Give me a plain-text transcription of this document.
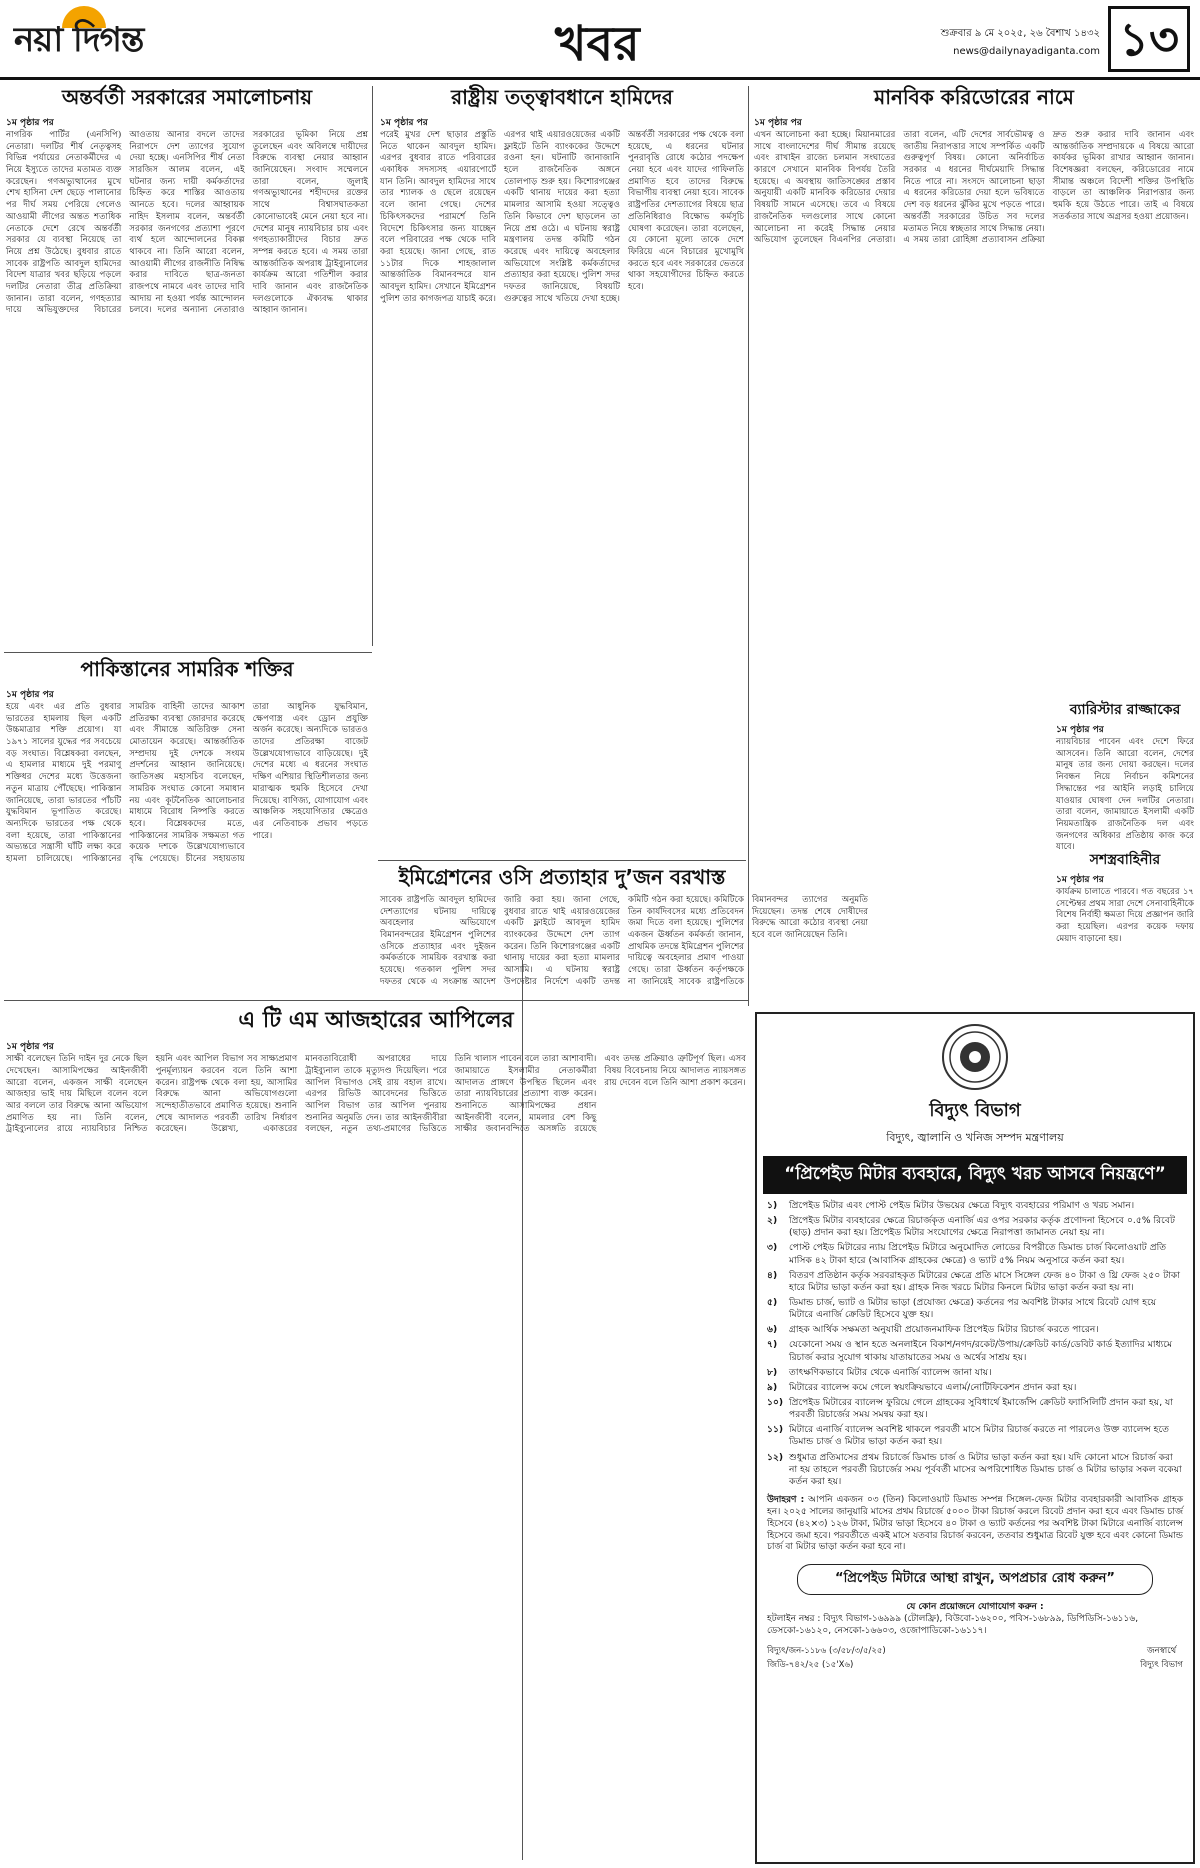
নয়া দিগন্ত	খবর	শুক্রবার ৯ মে ২০২৫, ২৬ বৈশাখ ১৪৩২
news@dailynayadiganta.com ১৩
অন্তর্বর্তী সরকারের সমালোচনায়
১ম পৃষ্ঠার পর
নাগরিক পার্টির (এনসিপি) নেতারা। দলটির শীর্ষ নেতৃত্বসহ বিভিন্ন পর্যায়ের নেতাকর্মীদের এ নিয়ে ইস্যুতে তাদের মতামত ব্যক্ত করেছেন। গণঅভ্যুত্থানের মুখে শেখ হাসিনা দেশ ছেড়ে পালানোর পর দীর্ঘ সময় পেরিয়ে গেলেও আওয়ামী লীগের অন্তত শতাধিক নেতাকে দেশে রেখে অন্তর্বর্তী সরকার যে ব্যবস্থা নিয়েছে তা নিয়ে প্রশ্ন উঠেছে। বুধবার রাতে সাবেক রাষ্ট্রপতি আবদুল হামিদের বিদেশ যাত্রার খবর ছড়িয়ে পড়লে দলটির নেতারা তীব্র প্রতিক্রিয়া জানান। তারা বলেন, গণহত্যার দায়ে অভিযুক্তদের বিচারের আওতায় আনার বদলে তাদের নিরাপদে দেশ ত্যাগের সুযোগ দেয়া হচ্ছে। এনসিপির শীর্ষ নেতা সারজিস আলম বলেন, এই ঘটনার জন্য দায়ী কর্মকর্তাদের চিহ্নিত করে শাস্তির আওতায় আনতে হবে। দলের আহ্বায়ক নাহিদ ইসলাম বলেন, অন্তর্বর্তী সরকার জনগণের প্রত্যাশা পূরণে ব্যর্থ হলে আন্দোলনের বিকল্প থাকবে না। তিনি আরো বলেন, আওয়ামী লীগের রাজনীতি নিষিদ্ধ করার দাবিতে ছাত্র-জনতা রাজপথে নামবে এবং তাদের দাবি আদায় না হওয়া পর্যন্ত আন্দোলন চলবে। দলের অন্যান্য নেতারাও সরকারের ভূমিকা নিয়ে প্রশ্ন তুলেছেন এবং অবিলম্বে দায়ীদের বিরুদ্ধে ব্যবস্থা নেয়ার আহ্বান জানিয়েছেন। সংবাদ সম্মেলনে তারা বলেন, জুলাই গণঅভ্যুত্থানের শহীদদের রক্তের সাথে বিশ্বাসঘাতকতা কোনোভাবেই মেনে নেয়া হবে না। দেশের মানুষ ন্যায়বিচার চায় এবং গণহত্যাকারীদের বিচার দ্রুত সম্পন্ন করতে হবে। এ সময় তারা আন্তর্জাতিক অপরাধ ট্রাইব্যুনালের কার্যক্রম আরো গতিশীল করার দাবি জানান এবং রাজনৈতিক দলগুলোকে ঐক্যবদ্ধ থাকার আহ্বান জানান।
রাষ্ট্রীয় তত্ত্বাবধানে হামিদের
১ম পৃষ্ঠার পর
পরেই মুখর দেশ ছাড়ার প্রস্তুতি নিতে থাকেন আবদুল হামিদ। এরপর বুধবার রাতে পরিবারের একাধিক সদস্যসহ এয়ারপোর্টে যান তিনি। আবদুল হামিদের সাথে তার শ্যালক ও ছেলে রয়েছেন বলে জানা গেছে। দেশের চিকিৎসকদের পরামর্শে তিনি বিদেশে চিকিৎসার জন্য যাচ্ছেন বলে পরিবারের পক্ষ থেকে দাবি করা হয়েছে। জানা গেছে, রাত ১১টার দিকে শাহজালাল আন্তর্জাতিক বিমানবন্দরে যান আবদুল হামিদ। সেখানে ইমিগ্রেশন পুলিশ তার কাগজপত্র যাচাই করে। এরপর থাই এয়ারওয়েজের একটি ফ্লাইটে তিনি ব্যাংককের উদ্দেশে রওনা হন। ঘটনাটি জানাজানি হলে রাজনৈতিক অঙ্গনে তোলপাড় শুরু হয়। কিশোরগঞ্জের একটি থানায় দায়ের করা হত্যা মামলার আসামি হওয়া সত্ত্বেও তিনি কিভাবে দেশ ছাড়লেন তা নিয়ে প্রশ্ন ওঠে। এ ঘটনায় স্বরাষ্ট্র মন্ত্রণালয় তদন্ত কমিটি গঠন করেছে এবং দায়িত্বে অবহেলার অভিযোগে সংশ্লিষ্ট কর্মকর্তাদের প্রত্যাহার করা হয়েছে। পুলিশ সদর দফতর জানিয়েছে, বিষয়টি গুরুত্বের সাথে খতিয়ে দেখা হচ্ছে। অন্তর্বর্তী সরকারের পক্ষ থেকে বলা হয়েছে, এ ধরনের ঘটনার পুনরাবৃত্তি রোধে কঠোর পদক্ষেপ নেয়া হবে এবং যাদের গাফিলতি প্রমাণিত হবে তাদের বিরুদ্ধে বিভাগীয় ব্যবস্থা নেয়া হবে। সাবেক রাষ্ট্রপতির দেশত্যাগের বিষয়ে ছাত্র প্রতিনিধিরাও বিক্ষোভ কর্মসূচি ঘোষণা করেছেন। তারা বলেছেন, যে কোনো মূল্যে তাকে দেশে ফিরিয়ে এনে বিচারের মুখোমুখি করতে হবে এবং সরকারের ভেতরে থাকা সহযোগীদের চিহ্নিত করতে হবে।
মানবিক করিডোরের নামে
১ম পৃষ্ঠার পর
এখন আলোচনা করা হচ্ছে। মিয়ানমারের সাথে বাংলাদেশের দীর্ঘ সীমান্ত রয়েছে এবং রাখাইন রাজ্যে চলমান সংঘাতের কারণে সেখানে মানবিক বিপর্যয় তৈরি হয়েছে। এ অবস্থায় জাতিসঙ্ঘের প্রস্তাব অনুযায়ী একটি মানবিক করিডোর দেয়ার বিষয়টি সামনে এসেছে। তবে এ বিষয়ে রাজনৈতিক দলগুলোর সাথে কোনো আলোচনা না করেই সিদ্ধান্ত নেয়ার অভিযোগ তুলেছেন বিএনপির নেতারা। তারা বলেন, এটি দেশের সার্বভৌমত্ব ও জাতীয় নিরাপত্তার সাথে সম্পর্কিত একটি গুরুত্বপূর্ণ বিষয়। কোনো অনির্বাচিত সরকার এ ধরনের দীর্ঘমেয়াদি সিদ্ধান্ত নিতে পারে না। সংসদে আলোচনা ছাড়া এ ধরনের করিডোর দেয়া হলে ভবিষ্যতে দেশ বড় ধরনের ঝুঁকির মুখে পড়তে পারে। অন্তর্বর্তী সরকারের উচিত সব দলের মতামত নিয়ে স্বচ্ছতার সাথে সিদ্ধান্ত নেয়া। এ সময় তারা রোহিঙ্গা প্রত্যাবাসন প্রক্রিয়া দ্রুত শুরু করার দাবি জানান এবং আন্তর্জাতিক সম্প্রদায়কে এ বিষয়ে আরো কার্যকর ভূমিকা রাখার আহ্বান জানান। বিশেষজ্ঞরা বলছেন, করিডোরের নামে সীমান্ত অঞ্চলে বিদেশী শক্তির উপস্থিতি বাড়লে তা আঞ্চলিক নিরাপত্তার জন্য হুমকি হয়ে উঠতে পারে। তাই এ বিষয়ে সতর্কতার সাথে অগ্রসর হওয়া প্রয়োজন।
ব্যারিস্টার রাজ্জাকের
১ম পৃষ্ঠার পর
ন্যায়বিচার পাবেন এবং দেশে ফিরে আসবেন। তিনি আরো বলেন, দেশের মানুষ তার জন্য দোয়া করছেন। দলের নিবন্ধন নিয়ে নির্বাচন কমিশনের সিদ্ধান্তের পর আইনি লড়াই চালিয়ে যাওয়ার ঘোষণা দেন দলটির নেতারা। তারা বলেন, জামায়াতে ইসলামী একটি নিয়মতান্ত্রিক রাজনৈতিক দল এবং জনগণের অধিকার প্রতিষ্ঠায় কাজ করে যাবে।
সশস্ত্রবাহিনীর
১ম পৃষ্ঠার পর
কার্যক্রম চালাতে পারবে। গত বছরের ১৭ সেপ্টেম্বর প্রথম সারা দেশে সেনাবাহিনীকে বিশেষ নির্বাহী ক্ষমতা দিয়ে প্রজ্ঞাপন জারি করা হয়েছিল। এরপর কয়েক দফায় মেয়াদ বাড়ানো হয়।
পাকিস্তানের সামরিক শক্তির
১ম পৃষ্ঠার পর
হয়ে এবং এর প্রতি বুধবার ভারতের হামলায় ছিল একটি উচ্চমাত্রার শক্তি প্রয়োগ। যা ১৯৭১ সালের যুদ্ধের পর সবচেয়ে বড় সংঘাত। বিশ্লেষকরা বলছেন, এ হামলার মাধ্যমে দুই পরমাণু শক্তিধর দেশের মধ্যে উত্তেজনা নতুন মাত্রায় পৌঁছেছে। পাকিস্তান জানিয়েছে, তারা ভারতের পাঁচটি যুদ্ধবিমান ভূপাতিত করেছে। অন্যদিকে ভারতের পক্ষ থেকে বলা হয়েছে, তারা পাকিস্তানের অভ্যন্তরে সন্ত্রাসী ঘাঁটি লক্ষ্য করে হামলা চালিয়েছে। পাকিস্তানের সামরিক বাহিনী তাদের আকাশ প্রতিরক্ষা ব্যবস্থা জোরদার করেছে এবং সীমান্তে অতিরিক্ত সেনা মোতায়েন করেছে। আন্তর্জাতিক সম্প্রদায় দুই দেশকে সংযম প্রদর্শনের আহ্বান জানিয়েছে। জাতিসঙ্ঘ মহাসচিব বলেছেন, সামরিক সংঘাত কোনো সমাধান নয় এবং কূটনৈতিক আলোচনার মাধ্যমে বিরোধ নিষ্পত্তি করতে হবে। বিশ্লেষকদের মতে, পাকিস্তানের সামরিক সক্ষমতা গত কয়েক দশকে উল্লেখযোগ্যভাবে বৃদ্ধি পেয়েছে। চীনের সহায়তায় তারা আধুনিক যুদ্ধবিমান, ক্ষেপণাস্ত্র এবং ড্রোন প্রযুক্তি অর্জন করেছে। অন্যদিকে ভারতও তাদের প্রতিরক্ষা বাজেট উল্লেখযোগ্যভাবে বাড়িয়েছে। দুই দেশের মধ্যে এ ধরনের সংঘাত দক্ষিণ এশিয়ার স্থিতিশীলতার জন্য মারাত্মক হুমকি হিসেবে দেখা দিয়েছে। বাণিজ্য, যোগাযোগ এবং আঞ্চলিক সহযোগিতার ক্ষেত্রেও এর নেতিবাচক প্রভাব পড়তে পারে।
ইমিগ্রেশনের ওসি প্রত্যাহার দু’জন বরখাস্ত
সাবেক রাষ্ট্রপতি আবদুল হামিদের দেশত্যাগের ঘটনায় দায়িত্বে অবহেলার অভিযোগে বিমানবন্দরের ইমিগ্রেশন পুলিশের ওসিকে প্রত্যাহার এবং দুইজন কর্মকর্তাকে সাময়িক বরখাস্ত করা হয়েছে। গতকাল পুলিশ সদর দফতর থেকে এ সংক্রান্ত আদেশ জারি করা হয়। জানা গেছে, বুধবার রাতে থাই এয়ারওয়েজের একটি ফ্লাইটে আবদুল হামিদ ব্যাংককের উদ্দেশে দেশ ত্যাগ করেন। তিনি কিশোরগঞ্জের একটি থানায় দায়ের করা হত্যা মামলার আসামি। এ ঘটনায় স্বরাষ্ট্র উপদেষ্টার নির্দেশে একটি তদন্ত কমিটি গঠন করা হয়েছে। কমিটিকে তিন কার্যদিবসের মধ্যে প্রতিবেদন জমা দিতে বলা হয়েছে। পুলিশের একজন ঊর্ধ্বতন কর্মকর্তা জানান, প্রাথমিক তদন্তে ইমিগ্রেশন পুলিশের দায়িত্বে অবহেলার প্রমাণ পাওয়া গেছে। তারা ঊর্ধ্বতন কর্তৃপক্ষকে না জানিয়েই সাবেক রাষ্ট্রপতিকে বিমানবন্দর ত্যাগের অনুমতি দিয়েছেন। তদন্ত শেষে দোষীদের বিরুদ্ধে আরো কঠোর ব্যবস্থা নেয়া হবে বলে জানিয়েছেন তিনি।
এ টি এম আজহারের আপিলের
১ম পৃষ্ঠার পর
সাক্ষী বলেছেন তিনি দাইন দুর নেকে ছিল দেখেছেন। আসামিপক্ষের আইনজীবী আরো বলেন, একজন সাক্ষী বলেছেন আজহার ভাই দায় মিছিলে বলেন বলে আর বললে তার বিরুদ্ধে আনা অভিযোগ প্রমাণিত হয় না। তিনি বলেন, ট্রাইব্যুনালের রায়ে ন্যায়বিচার নিশ্চিত হয়নি এবং আপিল বিভাগ সব সাক্ষ্যপ্রমাণ পুনর্মূল্যায়ন করবেন বলে তিনি আশা করেন। রাষ্ট্রপক্ষ থেকে বলা হয়, আসামির বিরুদ্ধে আনা অভিযোগগুলো সন্দেহাতীতভাবে প্রমাণিত হয়েছে। শুনানি শেষে আদালত পরবর্তী তারিখ নির্ধারণ করেছেন। উল্লেখ্য, একাত্তরের মানবতাবিরোধী অপরাধের দায়ে ট্রাইব্যুনাল তাকে মৃত্যুদণ্ড দিয়েছিল। পরে আপিল বিভাগও সেই রায় বহাল রাখে। এরপর রিভিউ আবেদনের ভিত্তিতে আপিল বিভাগ তার আপিল পুনরায় শুনানির অনুমতি দেন। তার আইনজীবীরা বলছেন, নতুন তথ্য-প্রমাণের ভিত্তিতে তিনি খালাস পাবেন বলে তারা আশাবাদী। জামায়াতে ইসলামীর নেতাকর্মীরা আদালত প্রাঙ্গণে উপস্থিত ছিলেন এবং তারা ন্যায়বিচারের প্রত্যাশা ব্যক্ত করেন। শুনানিতে আসামিপক্ষের প্রধান আইনজীবী বলেন, মামলার বেশ কিছু সাক্ষীর জবানবন্দিতে অসঙ্গতি রয়েছে এবং তদন্ত প্রক্রিয়াও ত্রুটিপূর্ণ ছিল। এসব বিষয় বিবেচনায় নিয়ে আদালত ন্যায়সঙ্গত রায় দেবেন বলে তিনি আশা প্রকাশ করেন।
বিদ্যুৎ বিভাগ
বিদ্যুৎ, জ্বালানি ও খনিজ সম্পদ মন্ত্রণালয়
“প্রিপেইড মিটার ব্যবহারে, বিদ্যুৎ খরচ আসবে নিয়ন্ত্রণে”
১)	প্রিপেইড মিটার এবং পোস্ট পেইড মিটার উভয়ের ক্ষেত্রে বিদ্যুৎ ব্যবহারের পরিমাণ ও খরচ সমান।
২)	প্রিপেইড মিটার ব্যবহারের ক্ষেত্রে রিচার্জকৃত এনার্জি এর ওপর সরকার কর্তৃক প্রণোদনা হিসেবে ০.৫% রিবেট (ছাড়) প্রদান করা হয়। প্রিপেইড মিটার সংযোগের ক্ষেত্রে নিরাপত্তা জামানত নেয়া হয় না।
৩)	পোস্ট পেইড মিটারের ন্যায় প্রিপেইড মিটারে অনুমোদিত লোডের বিপরীতে ডিমান্ড চার্জ কিলোওয়াট প্রতি মাসিক ৪২ টাকা হারে (আবাসিক গ্রাহকের ক্ষেত্রে) ও ভ্যাট ৫% নিয়ম অনুসারে কর্তন করা হয়।
৪)	বিতরণ প্রতিষ্ঠান কর্তৃক সরবরাহকৃত মিটারের ক্ষেত্রে প্রতি মাসে সিঙ্গেল ফেজ ৪০ টাকা ও থ্রি ফেজ ২৫০ টাকা হারে মিটার ভাড়া কর্তন করা হয়। গ্রাহক নিজ খরচে মিটার কিনলে মিটার ভাড়া কর্তন করা হয় না।
৫)	ডিমান্ড চার্জ, ভ্যাট ও মিটার ভাড়া (প্রযোজ্য ক্ষেত্রে) কর্তনের পর অবশিষ্ট টাকার সাথে রিবেট যোগ হয়ে মিটারে এনার্জি ক্রেডিট হিসেবে যুক্ত হয়।
৬)	গ্রাহক আর্থিক সক্ষমতা অনুযায়ী প্রয়োজনমাফিক প্রিপেইড মিটার রিচার্জ করতে পারেন।
৭)	যেকোনো সময় ও স্থান হতে অনলাইনে বিকাশ/নগদ/রকেট/উপায়/ক্রেডিট কার্ড/ডেবিট কার্ড ইত্যাদির মাধ্যমে রিচার্জ করার সুযোগ থাকায় যাতায়াতের সময় ও অর্থের সাশ্রয় হয়।
৮)	তাৎক্ষণিকভাবে মিটার থেকে এনার্জি ব্যালেন্স জানা যায়।
৯)	মিটারের ব্যালেন্স কমে গেলে স্বয়ংক্রিয়ভাবে এলার্ম/নোটিফিকেশন প্রদান করা হয়।
১০) প্রিপেইড মিটারের ব্যালেন্স ফুরিয়ে গেলে গ্রাহকের সুবিধার্থে ইমার্জেন্সি ক্রেডিট ফ্যাসিলিটি প্রদান করা হয়, যা পরবর্তী রিচার্জের সময় সমন্বয় করা হয়।
১১) মিটারে এনার্জি ব্যালেন্স অবশিষ্ট থাকলে পরবর্তী মাসে মিটার রিচার্জ করতে না পারলেও উক্ত ব্যালেন্স হতে ডিমান্ড চার্জ ও মিটার ভাড়া কর্তন করা হয়।
১২) শুধুমাত্র প্রতিমাসের প্রথম রিচার্জে ডিমান্ড চার্জ ও মিটার ভাড়া কর্তন করা হয়। যদি কোনো মাসে রিচার্জ করা না হয় তাহলে পরবর্তী রিচার্জের সময় পূর্ববর্তী মাসের অপরিশোধিত ডিমান্ড চার্জ ও মিটার ভাড়ার সকল বকেয়া কর্তন করা হয়।
উদাহরণ : আপনি একজন ০৩ (তিন) কিলোওয়াট ডিমান্ড সম্পন্ন সিঙ্গেল-ফেজ মিটার ব্যবহারকারী আবাসিক গ্রাহক হন। ২০২৫ সালের জানুয়ারি মাসের প্রথম রিচার্জে ৫০০০ টাকা রিচার্জ করলে রিবেট প্রদান করা হবে এবং ডিমান্ড চার্জ হিসেবে (৪২×৩) ১২৬ টাকা, মিটার ভাড়া হিসেবে ৪০ টাকা ও ভ্যাট কর্তনের পর অবশিষ্ট টাকা মিটারে এনার্জি ব্যালেন্স হিসেবে জমা হবে। পরবর্তীতে একই মাসে যতবার রিচার্জ করবেন, ততবার শুধুমাত্র রিবেট যুক্ত হবে এবং কোনো ডিমান্ড চার্জ বা মিটার ভাড়া কর্তন করা হবে না।
“প্রিপেইড মিটারে আস্থা রাখুন, অপপ্রচার রোধ করুন”
যে কোন প্রয়োজনে যোগাযোগ করুন :
হটলাইন নম্বর : বিদ্যুৎ বিভাগ-১৬৯৯৯ (টোলফ্রি), বিউবো-১৬২০০, পবিস-১৬৮৯৯, ডিপিডিসি-১৬১১৬, ডেসকো-১৬১২০, নেসকো-১৬৬০৩, ওজোপাডিকো-১৬১১৭।
বিদ্যুৎ/জন-১১৮৬ (৩/৫৮/৩/৫/২৫)
জিডি-৭৪২/২৫ (১৫'X৬)
জনস্বার্থে
বিদ্যুৎ বিভাগ
